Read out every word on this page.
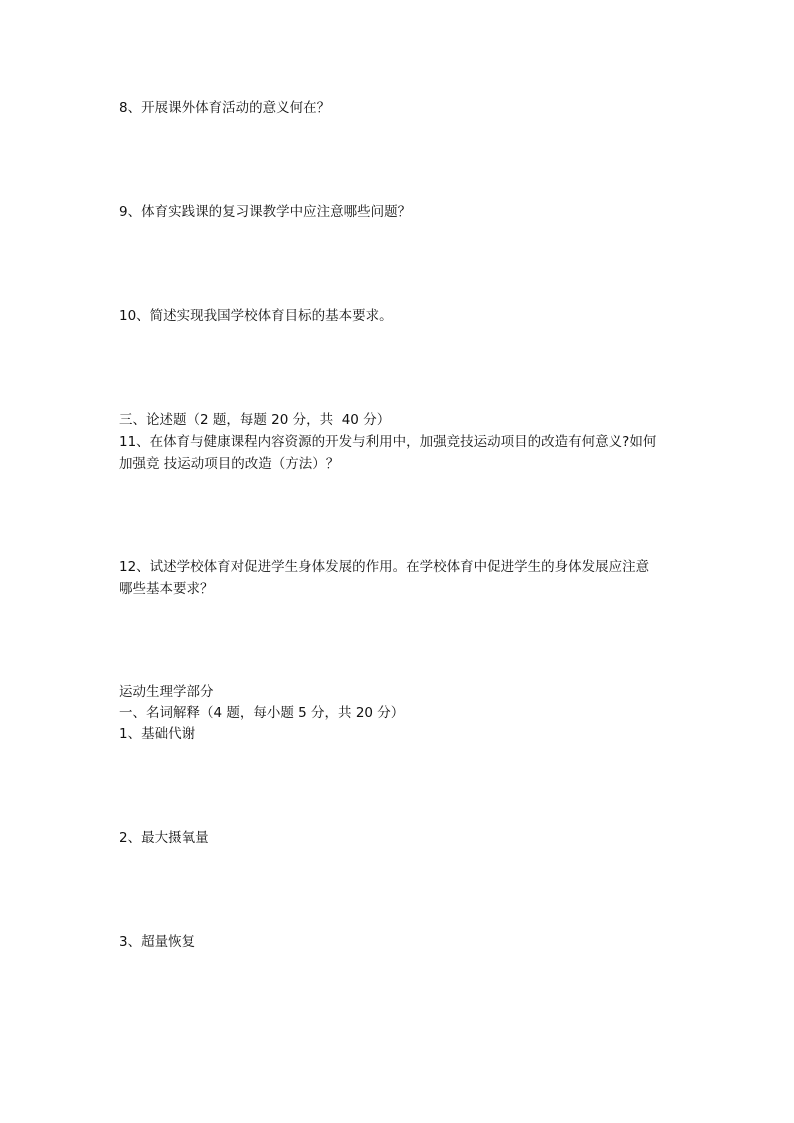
8、开展课外体育活动的意义何在？
9、体育实践课的复习课教学中应注意哪些问题？
10、简述实现我国学校体育目标的基本要求。
三、论述题（2 题，每题 20 分，共  40 分）
11、在体育与健康课程内容资源的开发与利用中，加强竞技运动项目的改造有何意义?如何
加强竞 技运动项目的改造（方法）？
12、试述学校体育对促进学生身体发展的作用。在学校体育中促进学生的身体发展应注意
哪些基本要求？
运动生理学部分
一、名词解释（4 题，每小题 5 分，共 20 分）
1、基础代谢
2、最大摄氧量
3、超量恢复
